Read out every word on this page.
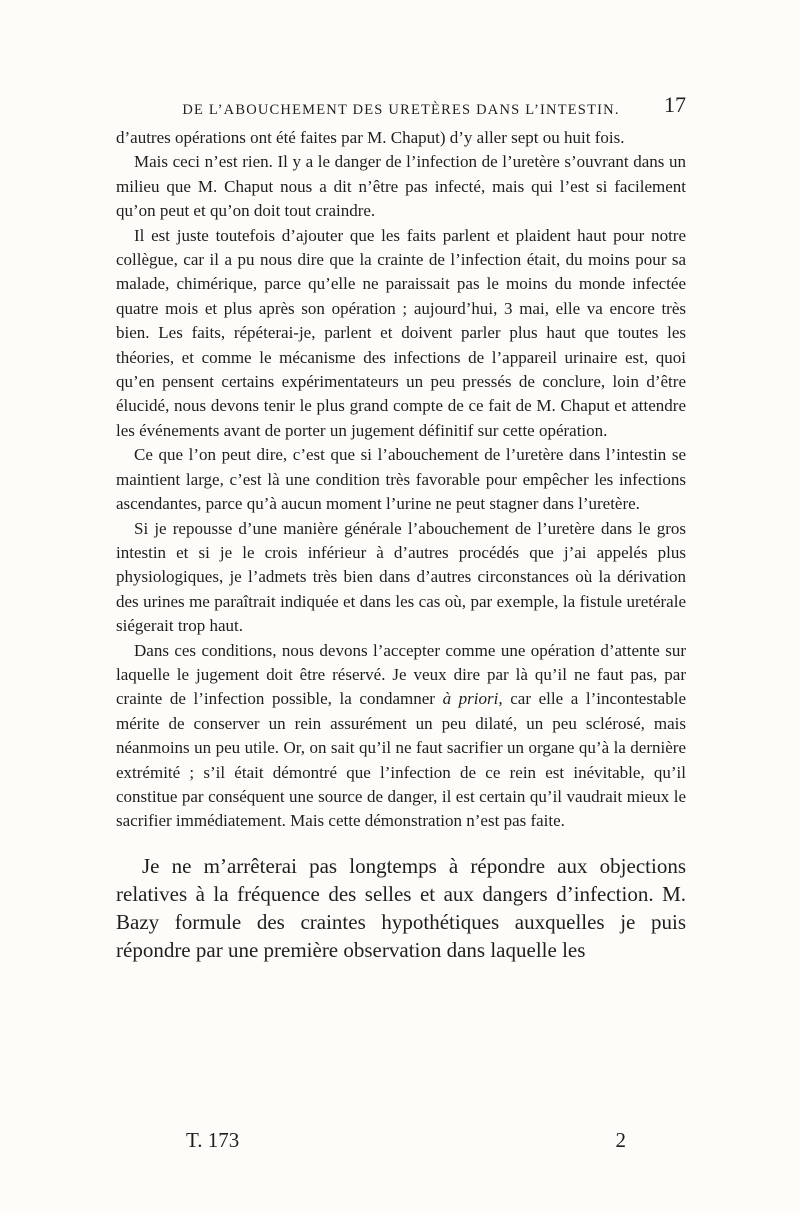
DE L’ABOUCHEMENT DES URETÈRES DANS L’INTESTIN. 17

d’autres opérations ont été faites par M. Chaput) d’y aller sept ou huit fois.

Mais ceci n’est rien. Il y a le danger de l’infection de l’uretère s’ouvrant dans un milieu que M. Chaput nous a dit n’être pas infecté, mais qui l’est si facilement qu’on peut et qu’on doit tout craindre.

Il est juste toutefois d’ajouter que les faits parlent et plaident haut pour notre collègue, car il a pu nous dire que la crainte de l’infection était, du moins pour sa malade, chimérique, parce qu’elle ne paraissait pas le moins du monde infectée quatre mois et plus après son opération ; aujourd’hui, 3 mai, elle va encore très bien. Les faits, répéterai-je, parlent et doivent parler plus haut que toutes les théories, et comme le mécanisme des infections de l’appareil urinaire est, quoi qu’en pensent certains expérimentateurs un peu pressés de conclure, loin d’être élucidé, nous devons tenir le plus grand compte de ce fait de M. Chaput et attendre les événements avant de porter un jugement définitif sur cette opération.

Ce que l’on peut dire, c’est que si l’abouchement de l’uretère dans l’intestin se maintient large, c’est là une condition très favorable pour empêcher les infections ascendantes, parce qu’à aucun moment l’urine ne peut stagner dans l’uretère.

Si je repousse d’une manière générale l’abouchement de l’uretère dans le gros intestin et si je le crois inférieur à d’autres procédés que j’ai appelés plus physiologiques, je l’admets très bien dans d’autres circonstances où la dérivation des urines me paraîtrait indiquée et dans les cas où, par exemple, la fistule uretérale siégerait trop haut.

Dans ces conditions, nous devons l’accepter comme une opération d’attente sur laquelle le jugement doit être réservé. Je veux dire par là qu’il ne faut pas, par crainte de l’infection possible, la condamner à priori, car elle a l’incontestable mérite de conserver un rein assurément un peu dilaté, un peu sclérosé, mais néanmoins un peu utile. Or, on sait qu’il ne faut sacrifier un organe qu’à la dernière extrémité ; s’il était démontré que l’infection de ce rein est inévitable, qu’il constitue par conséquent une source de danger, il est certain qu’il vaudrait mieux le sacrifier immédiatement. Mais cette démonstration n’est pas faite.

Je ne m’arrêterai pas longtemps à répondre aux objections relatives à la fréquence des selles et aux dangers d’infection. M. Bazy formule des craintes hypothétiques auxquelles je puis répondre par une première observation dans laquelle les

T. 173	2
